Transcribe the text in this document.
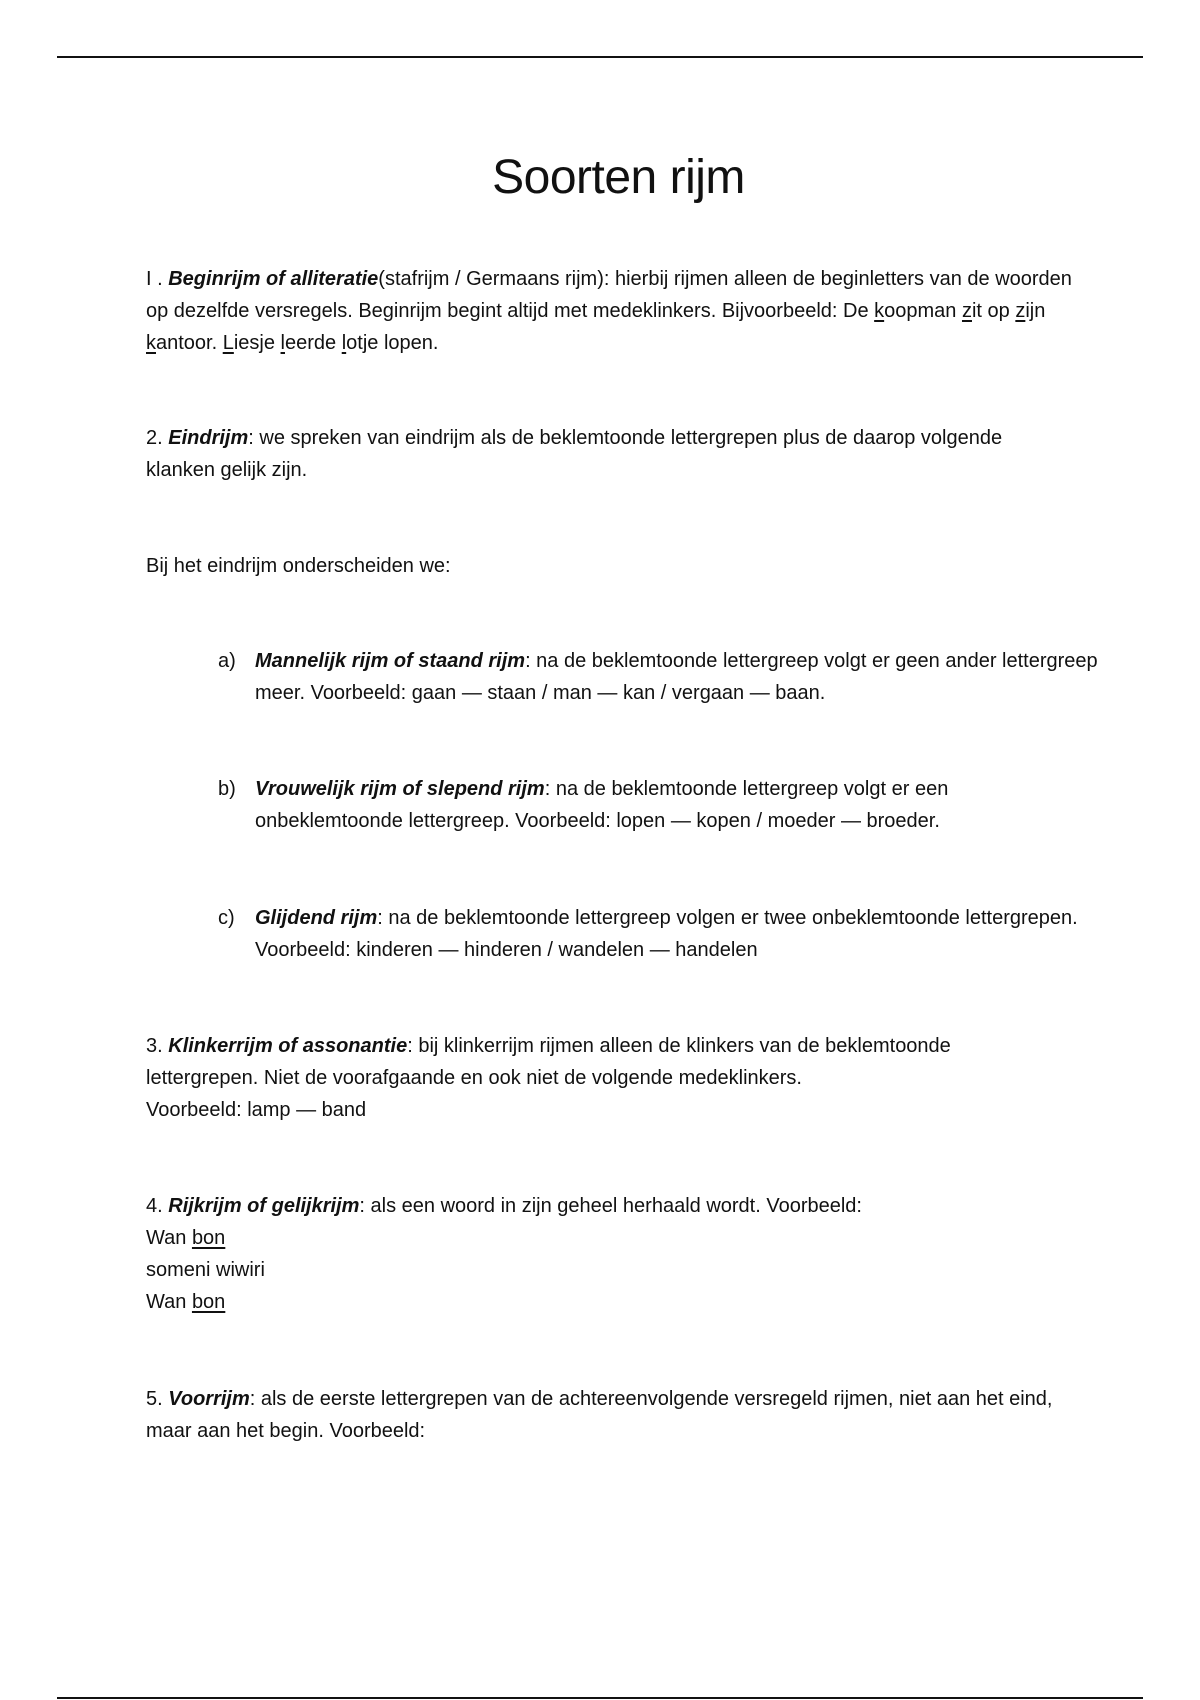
Soorten rijm

I . Beginrijm of alliteratie(stafrijm / Germaans rijm): hierbij rijmen alleen de beginletters van de woorden op dezelfde versregels. Beginrijm begint altijd met medeklinkers. Bijvoorbeeld: De koopman zit op zijn kantoor. Liesje leerde lotje lopen.

2. Eindrijm: we spreken van eindrijm als de beklemtoonde lettergrepen plus de daarop volgende klanken gelijk zijn.

Bij het eindrijm onderscheiden we:

a) Mannelijk rijm of staand rijm: na de beklemtoonde lettergreep volgt er geen ander lettergreep meer. Voorbeeld: gaan — staan / man — kan / vergaan — baan.
b) Vrouwelijk rijm of slepend rijm: na de beklemtoonde lettergreep volgt er een onbeklemtoonde lettergreep. Voorbeeld: lopen — kopen / moeder — broeder.
c) Glijdend rijm: na de beklemtoonde lettergreep volgen er twee onbeklemtoonde lettergrepen. Voorbeeld: kinderen — hinderen / wandelen — handelen
3. Klinkerrijm of assonantie: bij klinkerrijm rijmen alleen de klinkers van de beklemtoonde lettergrepen. Niet de voorafgaande en ook niet de volgende medeklinkers.
Voorbeeld: lamp — band
4. Rijkrijm of gelijkrijm: als een woord in zijn geheel herhaald wordt. Voorbeeld:
Wan bon
someni wiwiri
Wan bon

5. Voorrijm: als de eerste lettergrepen van de achtereenvolgende versregeld rijmen, niet aan het eind, maar aan het begin. Voorbeeld:
